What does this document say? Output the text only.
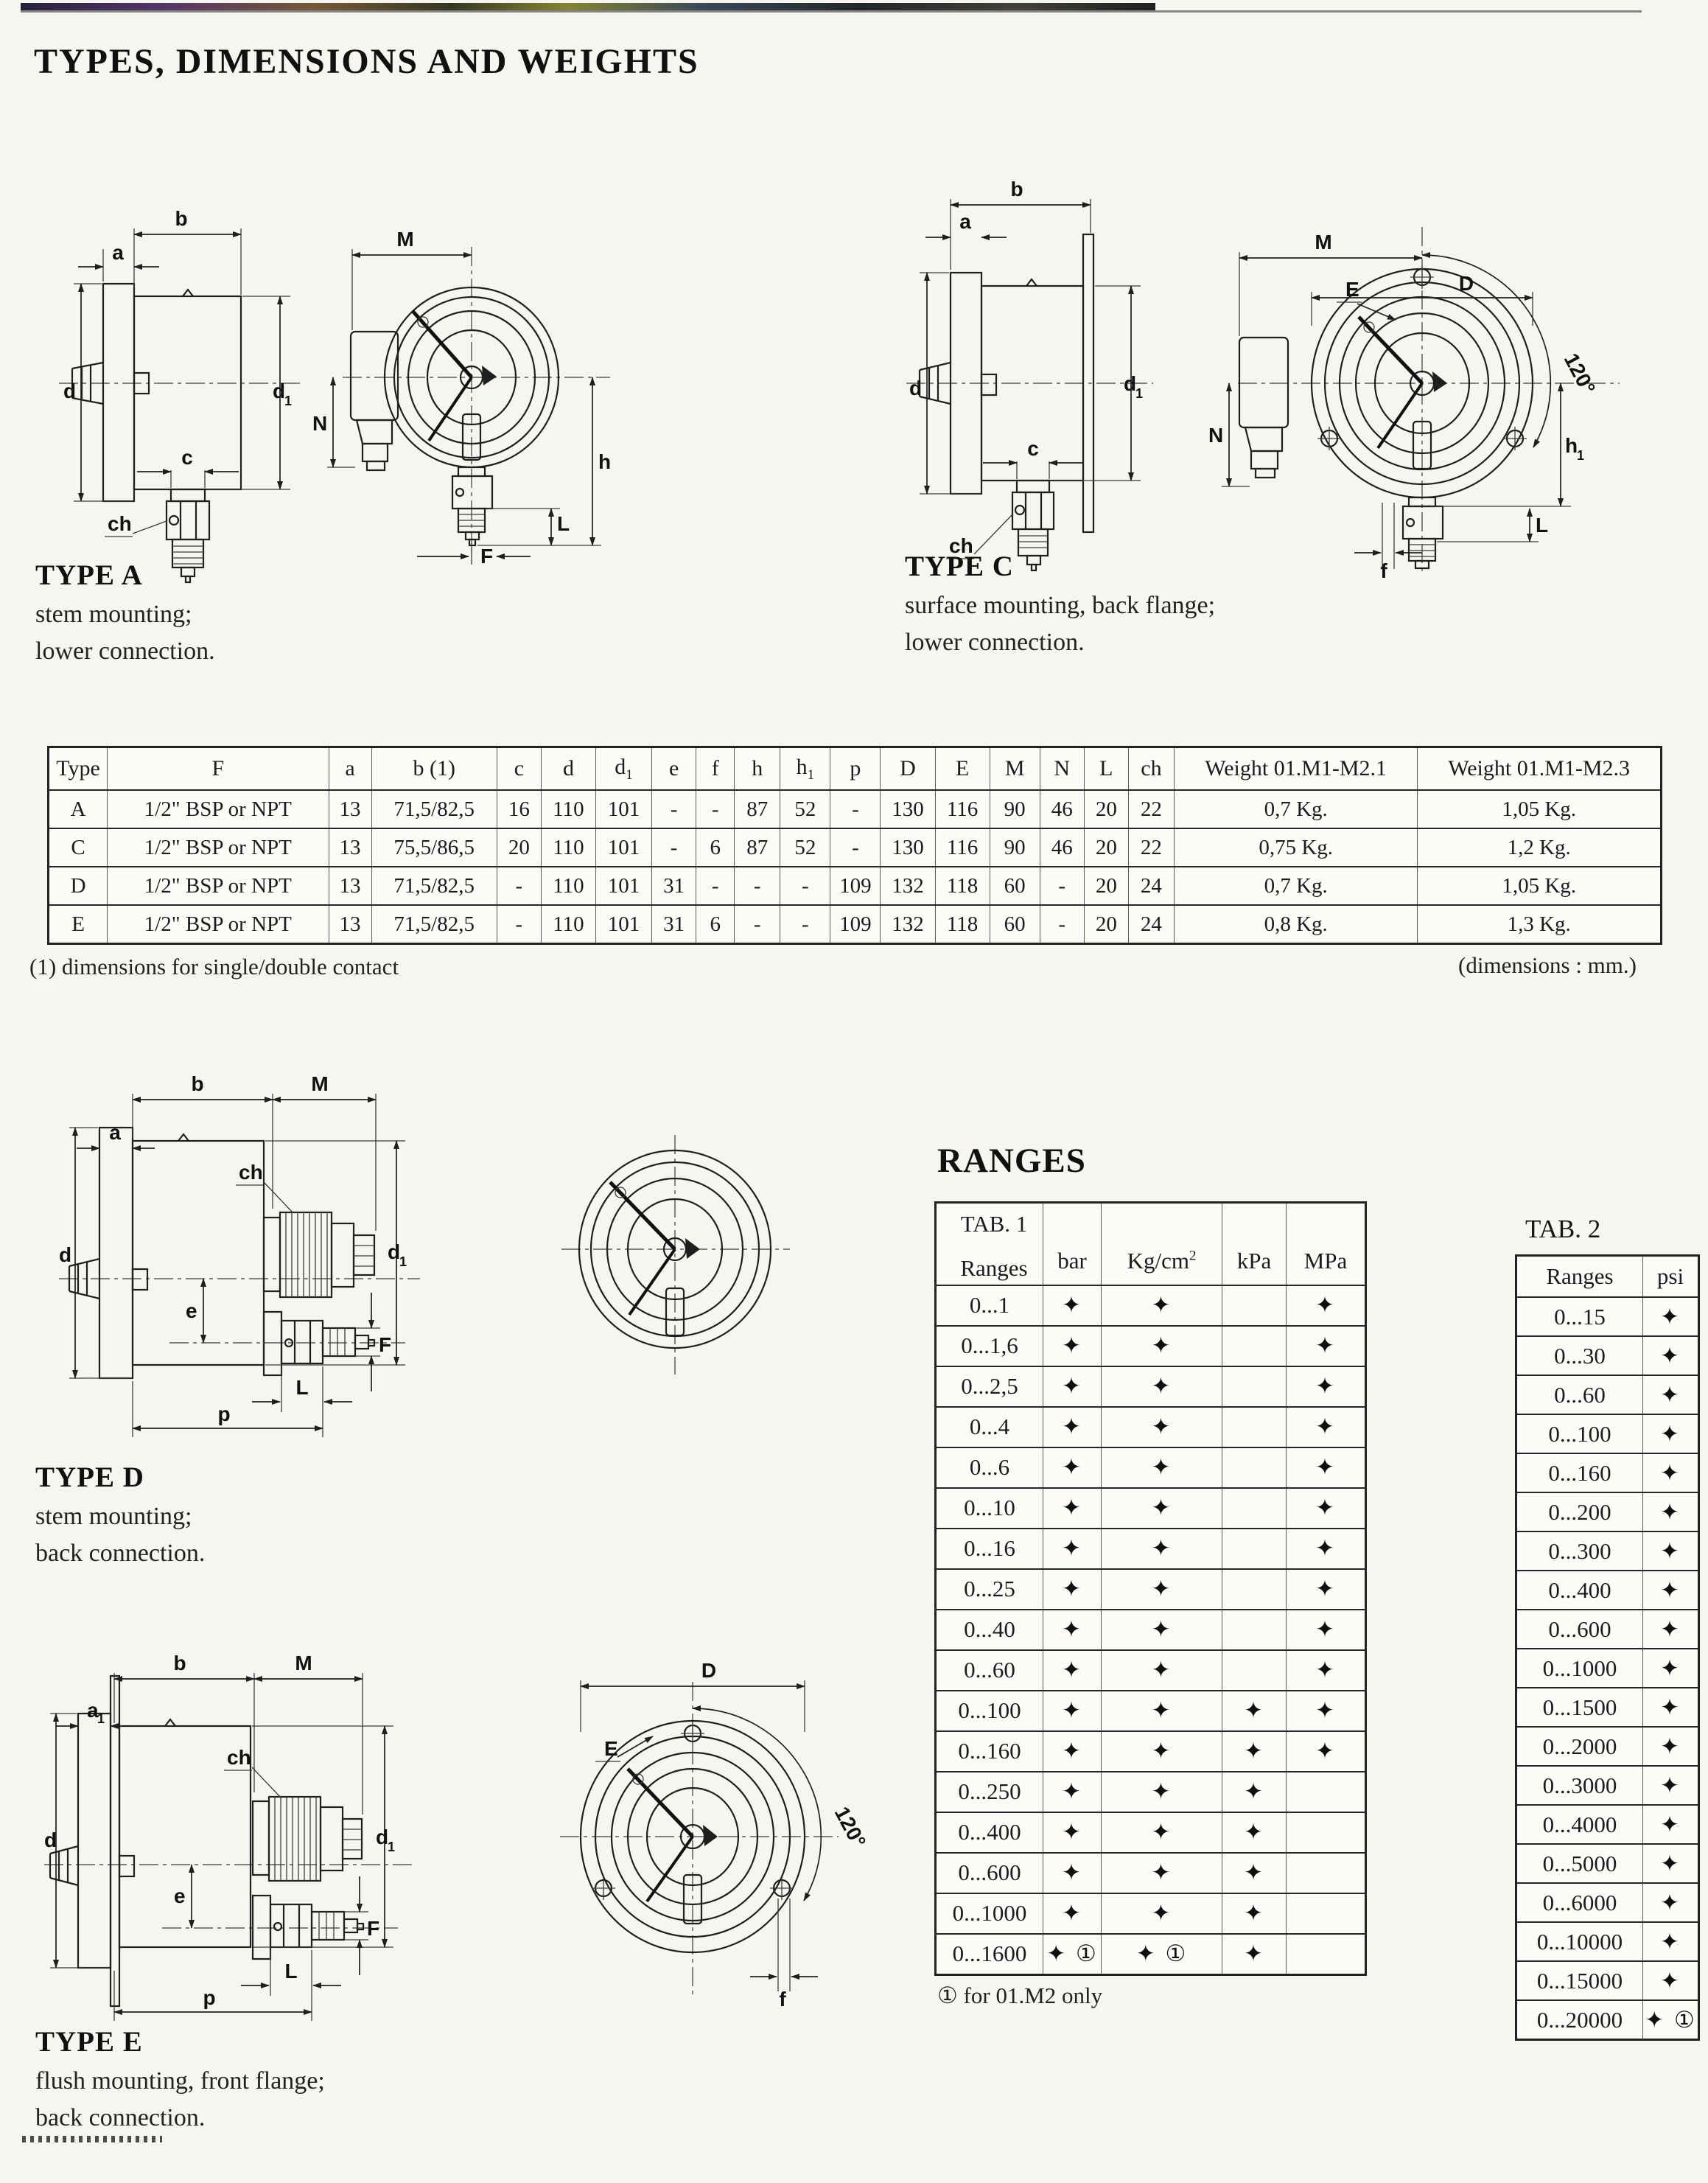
TYPES, DIMENSIONS AND WEIGHTS
b
a
d	d
1
c
ch
M
N
h
L
F
b
a
d	d
1
c
ch
M
D
E
120°
N	h
1
f
L
TYPE A
stem mounting;
lower connection.
TYPE C
surface mounting, back flange;
lower connection.
Type	F	a	b (1)	c	d	$d_1$	e	f	h	$h_1$	p	D	E	M	N	L	ch	Weight 01.M1-M2.1	Weight 01.M1-M2.3
A	1/2" BSP or NPT	13	71,5/82,5	16	110	101	-	-	87	52	-	130	116	90	46	20	22	0,7 Kg.	1,05 Kg.
C	1/2" BSP or NPT	13	75,5/86,5	20	110	101	-	6	87	52	-	130	116	90	46	20	22	0,75 Kg.	1,2 Kg.
D	1/2" BSP or NPT	13	71,5/82,5	-	110	101	31	-	-	-	109	132	118	60	-	20	24	0,7 Kg.	1,05 Kg.
E	1/2" BSP or NPT	13	71,5/82,5	-	110	101	31	6	-	-	109	132	118	60	-	20	24	0,8 Kg.	1,3 Kg.
(1) dimensions for single/double contact	(dimensions : mm.)
b	M
a
d	d
1
e
F
L
p
ch
TYPE D
stem mounting;
back connection.
RANGES
TAB. 1
Ranges	bar	$Kg/cm^2$	kPa	MPa
0...1	✦	✦		✦
0...1,6	✦	✦		✦
0...2,5	✦	✦		✦
0...4	✦	✦		✦
0...6	✦	✦		✦
0...10	✦	✦		✦
0...16	✦	✦		✦
0...25	✦	✦		✦
0...40	✦	✦		✦
0...60	✦	✦		✦
0...100	✦	✦	✦	✦
0...160	✦	✦	✦	✦
0...250	✦	✦	✦	
0...400	✦	✦	✦	
0...600	✦	✦	✦	
0...1000	✦	✦	✦	
0...1600	✦ ①	✦ ①	✦	
① for 01.M2 only
TAB. 2
Ranges	psi
0...15	✦
0...30	✦
0...60	✦
0...100	✦
0...160	✦
0...200	✦
0...300	✦
0...400	✦
0...600	✦
0...1000	✦
0...1500	✦
0...2000	✦
0...3000	✦
0...4000	✦
0...5000	✦
0...6000	✦
0...10000	✦
0...15000	✦
0...20000	✦ ①
b	M
a
1
d	d
1
e
F
L
p
ch
D
E
120°
f
TYPE E
flush mounting, front flange;
back connection.
